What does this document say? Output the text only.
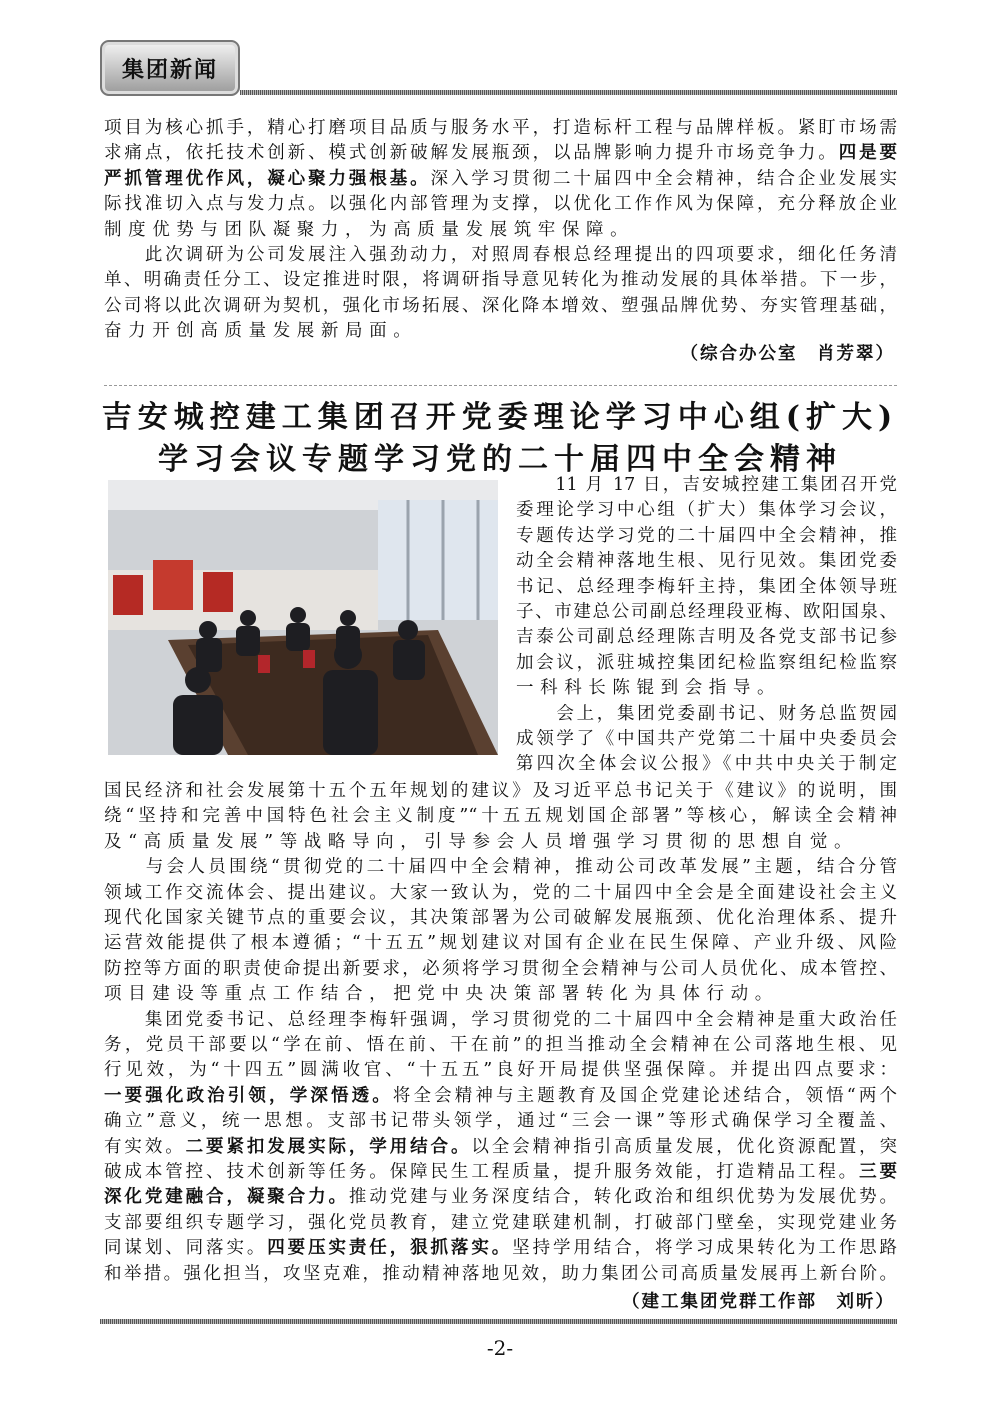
集团新闻
项目为核心抓手，精心打磨项目品质与服务水平，打造标杆工程与品牌样板。紧盯市场需
求痛点，依托技术创新、模式创新破解发展瓶颈，以品牌影响力提升市场竞争力。四是要
严抓管理优作风，凝心聚力强根基。深入学习贯彻二十届四中全会精神，结合企业发展实
际找准切入点与发力点。以强化内部管理为支撑，以优化工作作风为保障，充分释放企业
制度优势与团队凝聚力，为高质量发展筑牢保障。
　　此次调研为公司发展注入强劲动力，对照周春根总经理提出的四项要求，细化任务清
单、明确责任分工、设定推进时限，将调研指导意见转化为推动发展的具体举措。下一步，
公司将以此次调研为契机，强化市场拓展、深化降本增效、塑强品牌优势、夯实管理基础，
奋力开创高质量发展新局面。
（综合办公室　肖芳翠）
吉安城控建工集团召开党委理论学习中心组(扩大)
学习会议专题学习党的二十届四中全会精神
　　11 月 17 日，吉安城控建工集团召开党
委理论学习中心组（扩大）集体学习会议，
专题传达学习党的二十届四中全会精神，推
动全会精神落地生根、见行见效。集团党委
书记、总经理李梅轩主持，集团全体领导班
子、市建总公司副总经理段亚梅、欧阳国泉、
吉泰公司副总经理陈吉明及各党支部书记参
加会议，派驻城控集团纪检监察组纪检监察
一科科长陈锟到会指导。
　　会上，集团党委副书记、财务总监贺园
成领学了《中国共产党第二十届中央委员会
第四次全体会议公报》《中共中央关于制定
国民经济和社会发展第十五个五年规划的建议》及习近平总书记关于《建议》的说明，围
绕“坚持和完善中国特色社会主义制度”“十五五规划国企部署”等核心，解读全会精神
及“高质量发展”等战略导向，引导参会人员增强学习贯彻的思想自觉。
　　与会人员围绕“贯彻党的二十届四中全会精神，推动公司改革发展”主题，结合分管
领域工作交流体会、提出建议。大家一致认为，党的二十届四中全会是全面建设社会主义
现代化国家关键节点的重要会议，其决策部署为公司破解发展瓶颈、优化治理体系、提升
运营效能提供了根本遵循；“十五五”规划建议对国有企业在民生保障、产业升级、风险
防控等方面的职责使命提出新要求，必须将学习贯彻全会精神与公司人员优化、成本管控、
项目建设等重点工作结合，把党中央决策部署转化为具体行动。
　　集团党委书记、总经理李梅轩强调，学习贯彻党的二十届四中全会精神是重大政治任
务，党员干部要以“学在前、悟在前、干在前”的担当推动全会精神在公司落地生根、见
行见效，为“十四五”圆满收官、“十五五”良好开局提供坚强保障。并提出四点要求：
一要强化政治引领，学深悟透。将全会精神与主题教育及国企党建论述结合，领悟“两个
确立”意义，统一思想。支部书记带头领学，通过“三会一课”等形式确保学习全覆盖、
有实效。二要紧扣发展实际，学用结合。以全会精神指引高质量发展，优化资源配置，突
破成本管控、技术创新等任务。保障民生工程质量，提升服务效能，打造精品工程。三要
深化党建融合，凝聚合力。推动党建与业务深度结合，转化政治和组织优势为发展优势。
支部要组织专题学习，强化党员教育，建立党建联建机制，打破部门壁垒，实现党建业务
同谋划、同落实。四要压实责任，狠抓落实。坚持学用结合，将学习成果转化为工作思路
和举措。强化担当，攻坚克难，推动精神落地见效，助力集团公司高质量发展再上新台阶。
（建工集团党群工作部　刘昕）
-2-
